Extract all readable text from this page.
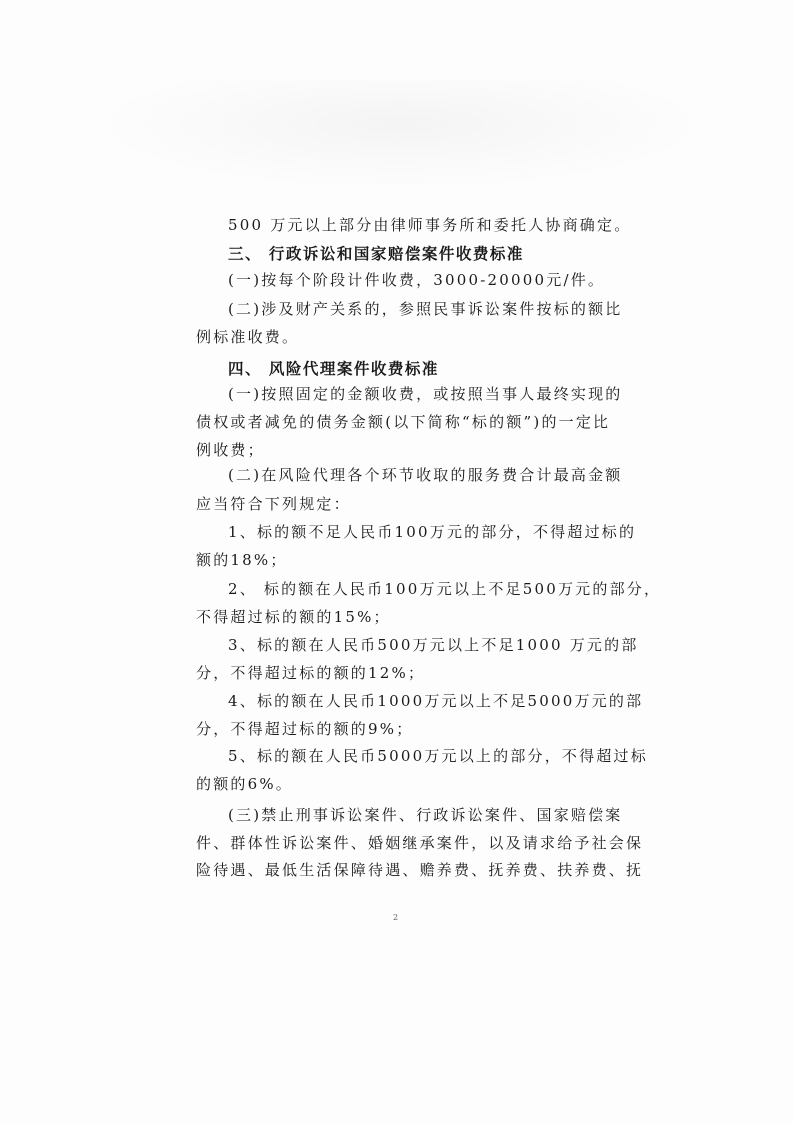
500 万元以上部分由律师事务所和委托人协商确定。
三、 行政诉讼和国家赔偿案件收费标准
(一)按每个阶段计件收费，3000-20000元/件。
(二)涉及财产关系的，参照民事诉讼案件按标的额比
例标准收费。
四、 风险代理案件收费标准
(一)按照固定的金额收费，或按照当事人最终实现的
债权或者减免的债务金额(以下简称“标的额”)的一定比
例收费；
(二)在风险代理各个环节收取的服务费合计最高金额
应当符合下列规定：
1、标的额不足人民币100万元的部分，不得超过标的
额的18%；
2、 标的额在人民币100万元以上不足500万元的部分，
不得超过标的额的15%；
3、标的额在人民币500万元以上不足1000 万元的部
分，不得超过标的额的12%；
4、标的额在人民币1000万元以上不足5000万元的部
分，不得超过标的额的9%；
5、标的额在人民币5000万元以上的部分，不得超过标
的额的6%。
(三)禁止刑事诉讼案件、行政诉讼案件、国家赔偿案
件、群体性诉讼案件、婚姻继承案件，以及请求给予社会保
险待遇、最低生活保障待遇、赡养费、抚养费、扶养费、抚
2
